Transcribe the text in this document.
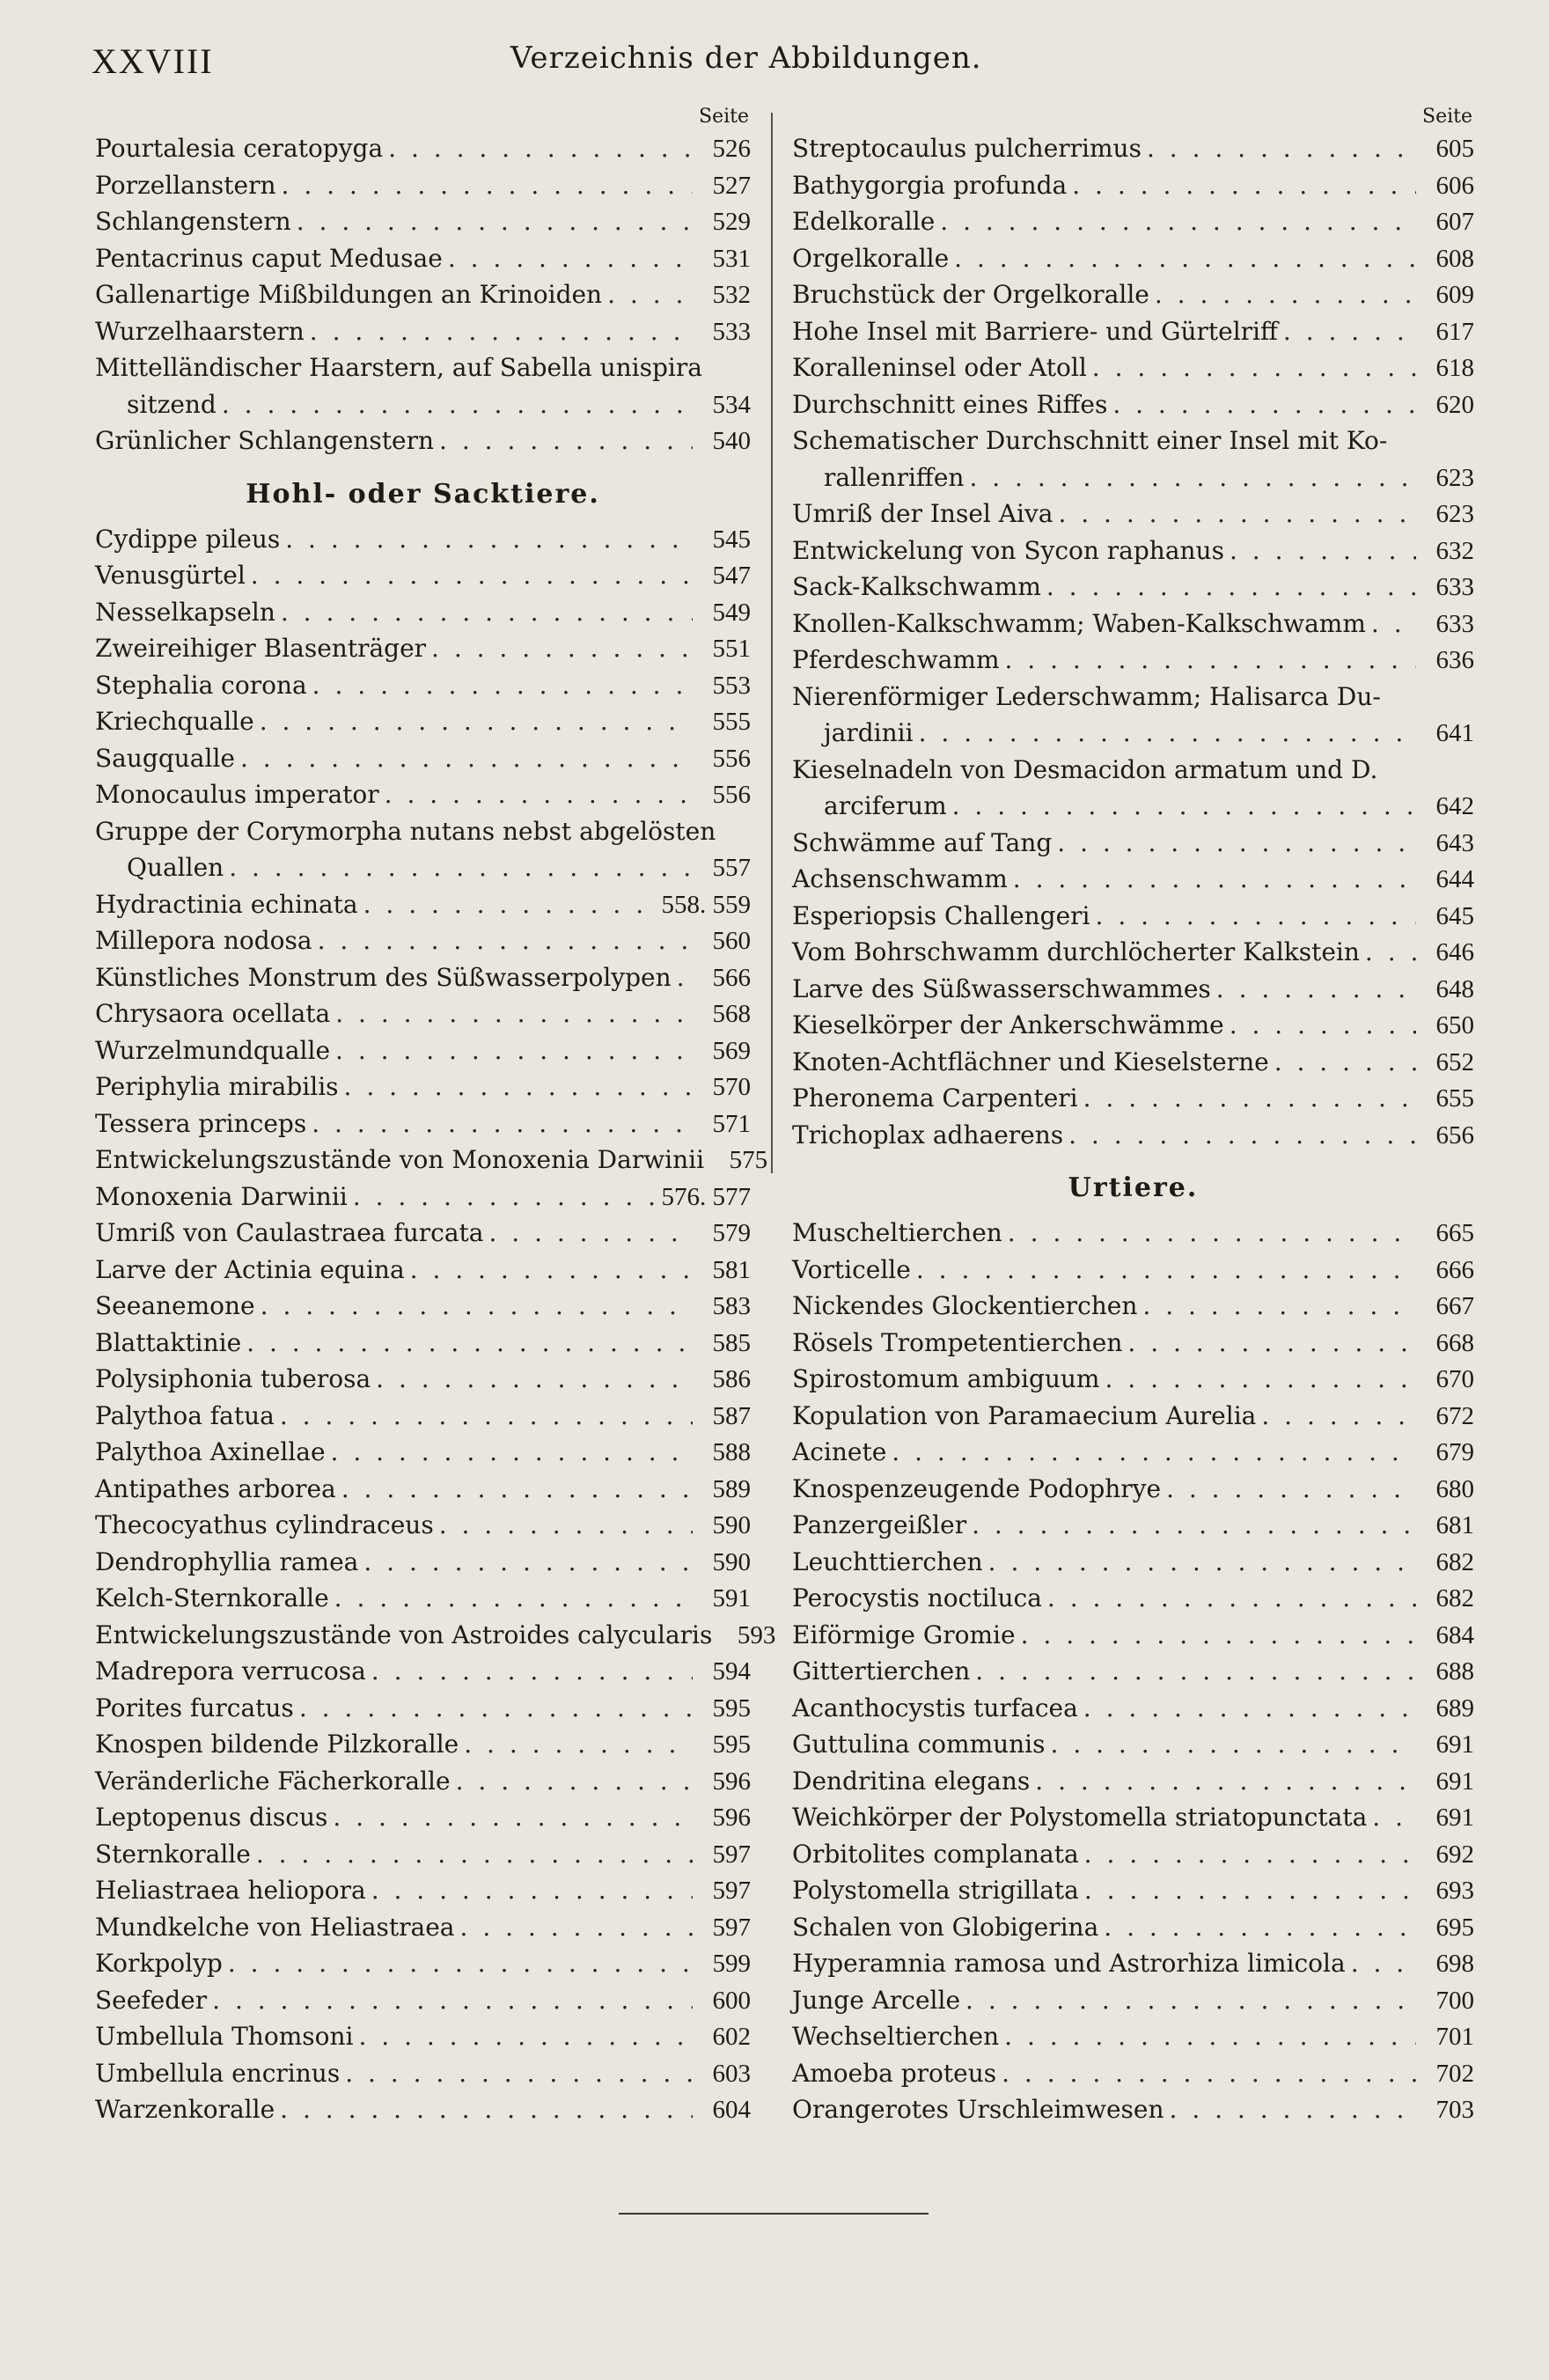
XXVIII	Verzeichnis der Abbildungen.
Seite
Pourtalesia ceratopyga . . .	526
Porzellanstern . . .	527
Schlangenstern . . .	529
Pentacrinus caput Medusae . . .	531
Gallenartige Mißbildungen an Krinoiden . . .	532
Wurzelhaarstern . . .	533
Mittelländischer Haarstern, auf Sabella unispira
sitzend . . .	534
Grünlicher Schlangenstern . . .	540
Hohl- oder Sacktiere.
Cydippe pileus . . .	545
Venusgürtel . . .	547
Nesselkapseln . . .	549
Zweireihiger Blasenträger . . .	551
Stephalia corona . . .	553
Kriechqualle . . .	555
Saugqualle . . .	556
Monocaulus imperator . . .	556
Gruppe der Corymorpha nutans nebst abgelösten
Quallen . . .	557
Hydractinia echinata . . .	558. 559
Millepora nodosa . . .	560
Künstliches Monstrum des Süßwasserpolypen . . .	566
Chrysaora ocellata . . .	568
Wurzelmundqualle . . .	569
Periphylia mirabilis . . .	570
Tessera princeps . . .	571
Entwickelungszustände von Monoxenia Darwinii 575
Monoxenia Darwinii . . .	576. 577
Umriß von Caulastraea furcata . . .	579
Larve der Actinia equina . . .	581
Seeanemone . . .	583
Blattaktinie . . .	585
Polysiphonia tuberosa . . .	586
Palythoa fatua . . .	587
Palythoa Axinellae . . .	588
Antipathes arborea . . .	589
Thecocyathus cylindraceus . . .	590
Dendrophyllia ramea . . .	590
Kelch-Sternkoralle . . .	591
Entwickelungszustände von Astroides calycularis 593
Madrepora verrucosa . . .	594
Porites furcatus . . .	595
Knospen bildende Pilzkoralle . . .	595
Veränderliche Fächerkoralle . . .	596
Leptopenus discus . . .	596
Sternkoralle . . .	597
Heliastraea heliopora . . .	597
Mundkelche von Heliastraea . . .	597
Korkpolyp . . .	599
Seefeder . . .	600
Umbellula Thomsoni . . .	602
Umbellula encrinus . . .	603
Warzenkoralle . . .	604
Seite
Streptocaulus pulcherrimus . . .	605
Bathygorgia profunda . . .	606
Edelkoralle . . .	607
Orgelkoralle . . .	608
Bruchstück der Orgelkoralle . . .	609
Hohe Insel mit Barriere- und Gürtelriff . . .	617
Koralleninsel oder Atoll . . .	618
Durchschnitt eines Riffes . . .	620
Schematischer Durchschnitt einer Insel mit Ko-
rallenriffen . . .	623
Umriß der Insel Aiva . . .	623
Entwickelung von Sycon raphanus . . .	632
Sack-Kalkschwamm . . .	633
Knollen-Kalkschwamm; Waben-Kalkschwamm . . .	633
Pferdeschwamm . . .	636
Nierenförmiger Lederschwamm; Halisarca Du-
jardinii . . .	641
Kieselnadeln von Desmacidon armatum und D.
arciferum . . .	642
Schwämme auf Tang . . .	643
Achsenschwamm . . .	644
Esperiopsis Challengeri . . .	645
Vom Bohrschwamm durchlöcherter Kalkstein . . .	646
Larve des Süßwasserschwammes . . .	648
Kieselkörper der Ankerschwämme . . .	650
Knoten-Achtflächner und Kieselsterne . . .	652
Pheronema Carpenteri . . .	655
Trichoplax adhaerens . . .	656
Urtiere.
Muscheltierchen . . .	665
Vorticelle . . .	666
Nickendes Glockentierchen . . .	667
Rösels Trompetentierchen . . .	668
Spirostomum ambiguum . . .	670
Kopulation von Paramaecium Aurelia . . .	672
Acinete . . .	679
Knospenzeugende Podophrye . . .	680
Panzergeißler . . .	681
Leuchttierchen . . .	682
Perocystis noctiluca . . .	682
Eiförmige Gromie . . .	684
Gittertierchen . . .	688
Acanthocystis turfacea . . .	689
Guttulina communis . . .	691
Dendritina elegans . . .	691
Weichkörper der Polystomella striatopunctata . . .	691
Orbitolites complanata . . .	692
Polystomella strigillata . . .	693
Schalen von Globigerina . . .	695
Hyperamnia ramosa und Astrorhiza limicola . . .	698
Junge Arcelle . . .	700
Wechseltierchen . . .	701
Amoeba proteus . . .	702
Orangerotes Urschleimwesen . . .	703
